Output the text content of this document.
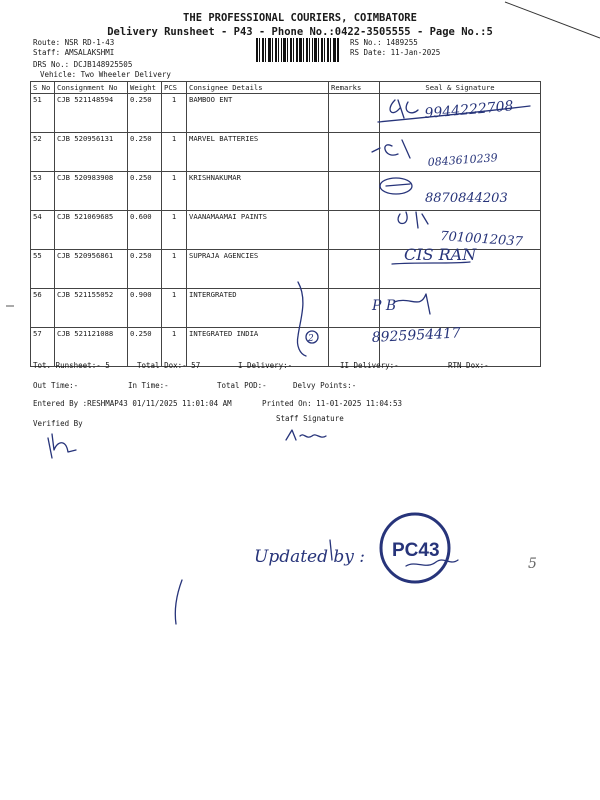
THE PROFESSIONAL COURIERS, COIMBATORE
Delivery Runsheet - P43 - Phone No.:0422-3505555 - Page No.:5
Route: NSR RD-1-43
Staff: AMSALAKSHMI
DRS No.: DCJB148925505
Vehicle: Two Wheeler Delivery
RS No.: 1489255
RS Date: 11-Jan-2025
S No	Consignment No	Weight	PCS	Consignee Details	Remarks	Seal & Signature
51	CJB 521148594	0.250	1	BAMBOO ENT		
52	CJB 520956131	0.250	1	MARVEL BATTERIES		
53	CJB 520983908	0.250	1	KRISHNAKUMAR		
54	CJB 521069685	0.600	1	VAANAMAAMAI PAINTS		
55	CJB 520956861	0.250	1	SUPRAJA AGENCIES		
56	CJB 521155052	0.900	1	INTERGRATED		
57	CJB 521121088	0.250	1	INTEGRATED INDIA		
9944222708
0843610239
8870844203
7010012037
CIS RAN
2
P B
8925954417
Updated by : PC43
5
Tot. Runsheet:- 5	Total Dox:- 57	I Delivery:-	II Delivery:-	RTN Dox:-
Out Time:-	In Time:-	Total POD:-	Delvy Points:-
Entered By :RESHMAP43 01/11/2025 11:01:04 AM	Printed On: 11-01-2025 11:04:53
Verified By
Staff Signature
